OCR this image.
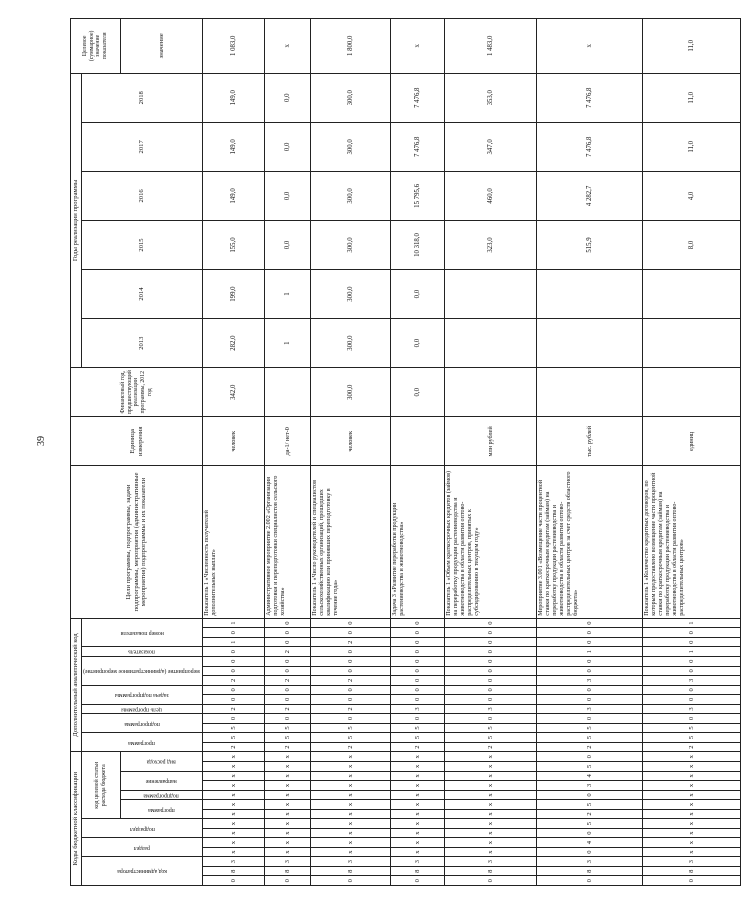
39
Коды бюджетной классификации														Дополнительный аналитический код														Цели программы, подпрограммы, задачи подпрограммы, мероприятия (административные мероприятия) подпрограммы и их показатели	Единица измерения	Финансовый год, предшествующий реализации программы, 2012 год	Годы реализации программы						Целевое (суммарное) значение показателя
код администратора			раздел		подраздел		код целевой статьи расхода бюджета							программа		подпрограмма		цель программы	задача подпрограммы		мероприятие (административное мероприятие)			показатель	номер показателя						2013	2014	2015	2016	2017	2018	
							программа		подпрограмма	направление		вид расхода																									значение
0	8	3	х	х	х	х	х	х	х	х	х	х	х	2	5	5	0	2	0	0	2	0	0	0	1	0	1	Показатель 1 «Численность получателей дополнительных выплат»	человек	342,0	282,0	199,0	155,0	149,0	149,0	149,0	1 083,0
0	8	3	х	х	х	х	х	х	х	х	х	х	х	2	5	5	0	2	0	0	2	0	0	2	0	0	0	Административное мероприятие 2.002 «Организация подготовки и переподготовки специалистов сельского хозяйства»	да-1/ нет-0		1	1	0,0	0,0	0,0	0,0	х
0	8	3	х	х	х	х	х	х	х	х	х	х	х	2	5	5	0	2	0	0	2	0	0	0	2	0	0	Показатель 1 «Число руководителей и специалистов сельскохозяйственных организаций, прошедших квалификацию или принявших переподготовку в течение года»	человек	300,0	300,0	300,0	300,0	300,0	300,0	300,0	1 800,0
0	8	3	х	х	х	х	х	х	х	х	х	х	х	2	5	5	0	3	0	0	0	0	0	0	0	0	0	Задача 3 «Развитие переработки продукции растениеводства и животноводства»		0,0	0,0	0,0	10 318,0	15 795,6	7 476,8	7 476,8	х
0	8	3	х	х	х	х	х	х	х	х	х	х	х	2	5	5	0	3	0	0	0	0	0	0	0	0	0	Показатель 1 «Объем краткосрочных кредитов (займов) на переработку продукции растениеводства и животноводства в области развития оптово-распределительных центров, принятых к субсидированию в текущем году»	млн рублей				323,0	460,0	347,0	353,0	1 483,0
0	8	3	0	4	0	5	2	5	0	3	4	5	0	2	5	5	0	3	0	0	3	0	0	1	0	0	0	Мероприятие 3.001 «Возмещение части процентной ставки по краткосрочным кредитам (займам) на переработку продукции растениеводства и животноводства в области развития оптово-распределительных центров за счет средств областного бюджета»	тыс. рублей				515,9	4 282,7	7 476,8	7 476,8	х
0	8	3	х	х	х	х	х	х	х	х	х	х	х	2	5	5	0	3	0	0	3	0	0	1	0	0	1	Показатель 1 «Количество кредитных договоров, по которым предоставлено возмещение части процентной ставки по краткосрочным кредитам (займам) на переработку продукции растениеводства и животноводства в области развития оптово-распределительных центров»	единиц				8,0	4,0	11,0	11,0	11,0
